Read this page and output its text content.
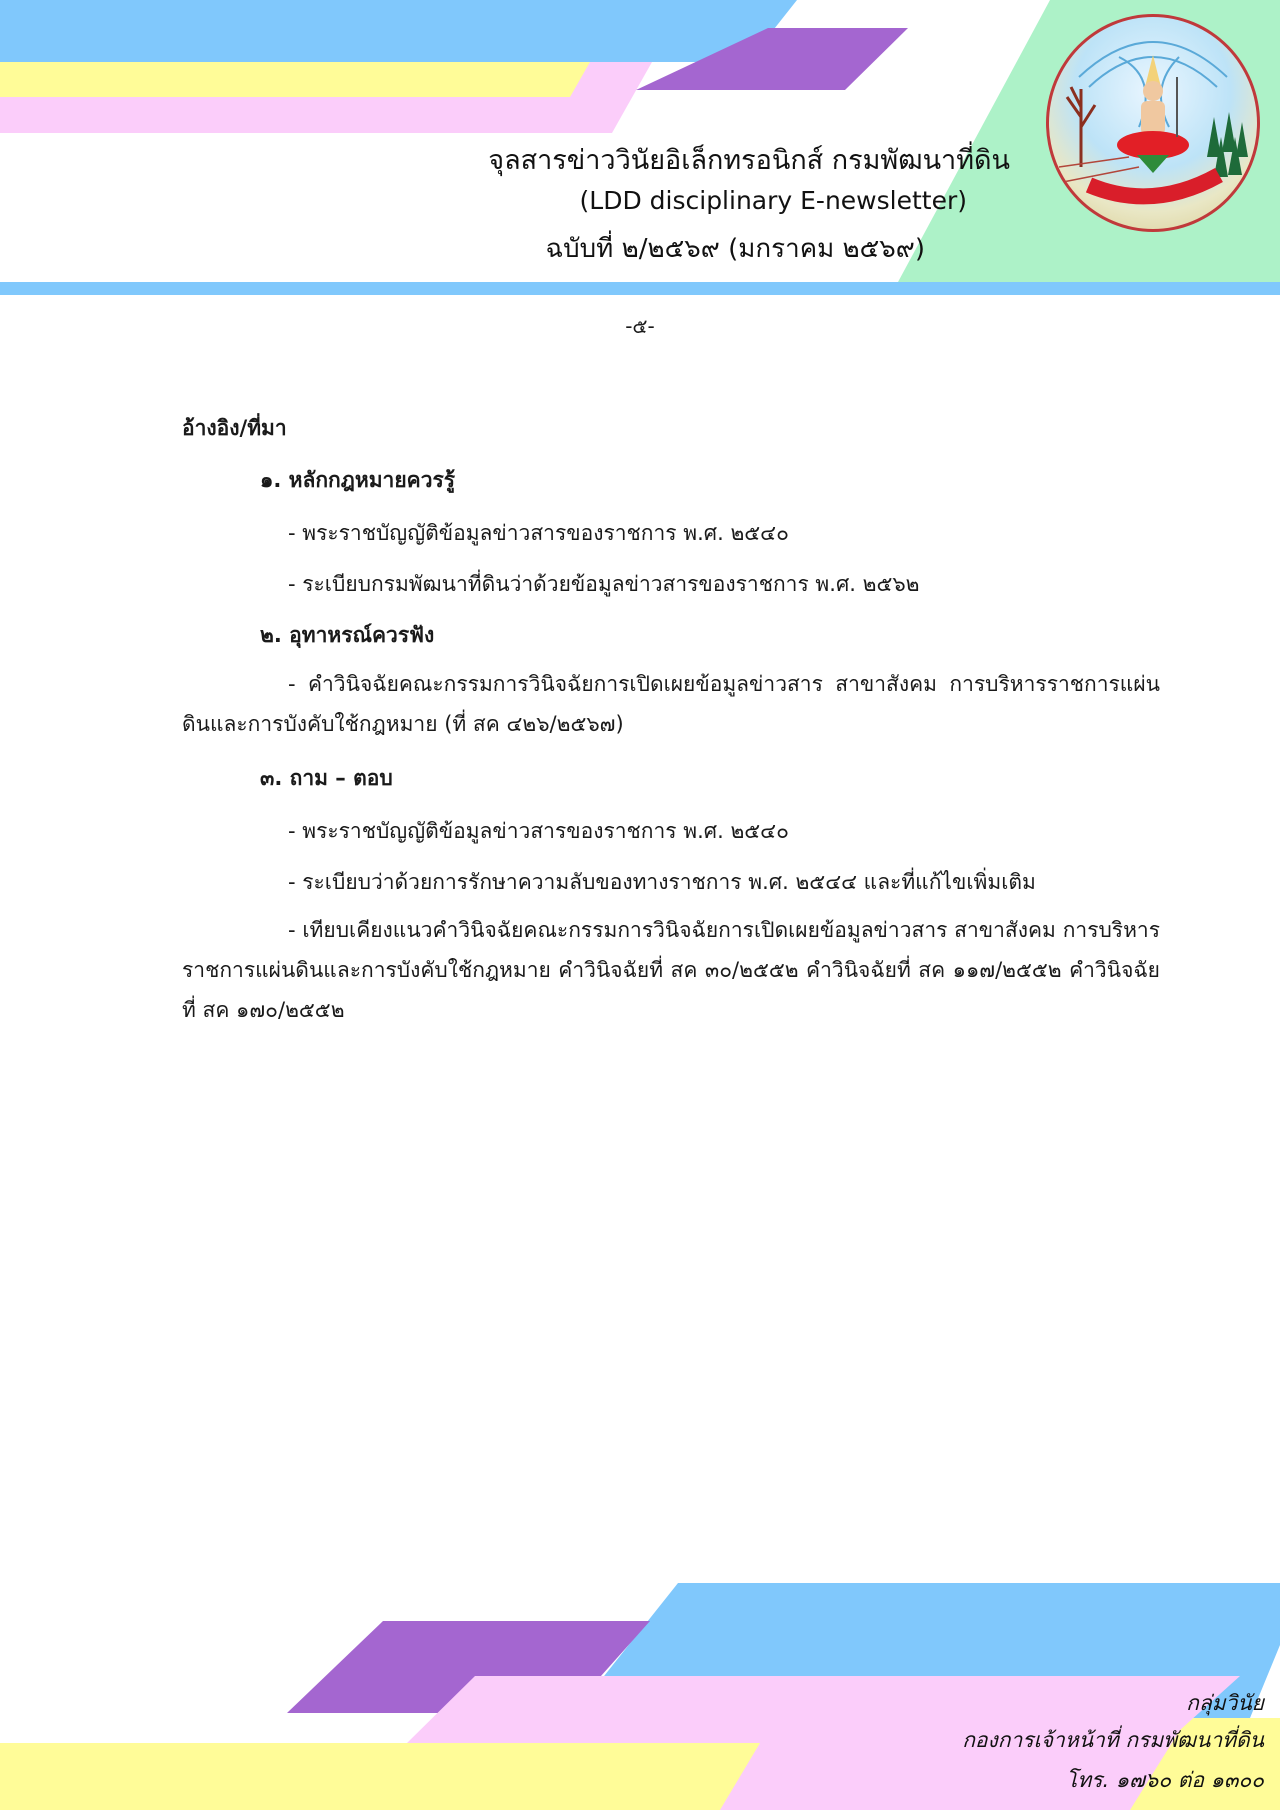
จุลสารข่าววินัยอิเล็กทรอนิกส์ กรมพัฒนาที่ดิน
(LDD disciplinary E-newsletter)
ฉบับที่ ๒/๒๕๖๙ (มกราคม ๒๕๖๙)
-๕-
อ้างอิง/ที่มา
๑. หลักกฎหมายควรรู้
- พระราชบัญญัติข้อมูลข่าวสารของราชการ พ.ศ. ๒๕๔๐
- ระเบียบกรมพัฒนาที่ดินว่าด้วยข้อมูลข่าวสารของราชการ พ.ศ. ๒๕๖๒
๒. อุทาหรณ์ควรฟัง
- คำวินิจฉัยคณะกรรมการวินิจฉัยการเปิดเผยข้อมูลข่าวสาร สาขาสังคม การบริหารราชการแผ่นดินและการบังคับใช้กฎหมาย (ที่ สค ๔๒๖/๒๕๖๗)
๓. ถาม – ตอบ
- พระราชบัญญัติข้อมูลข่าวสารของราชการ พ.ศ. ๒๕๔๐
- ระเบียบว่าด้วยการรักษาความลับของทางราชการ พ.ศ. ๒๕๔๔ และที่แก้ไขเพิ่มเติม
- เทียบเคียงแนวคำวินิจฉัยคณะกรรมการวินิจฉัยการเปิดเผยข้อมูลข่าวสาร สาขาสังคม การบริหารราชการแผ่นดินและการบังคับใช้กฎหมาย คำวินิจฉัยที่ สค ๓๐/๒๕๕๒ คำวินิจฉัยที่ สค ๑๑๗/๒๕๕๒ คำวินิจฉัยที่ สค ๑๗๐/๒๕๕๒
กลุ่มวินัย
กองการเจ้าหน้าที่ กรมพัฒนาที่ดิน
โทร. ๑๗๖๐ ต่อ ๑๓๐๐
